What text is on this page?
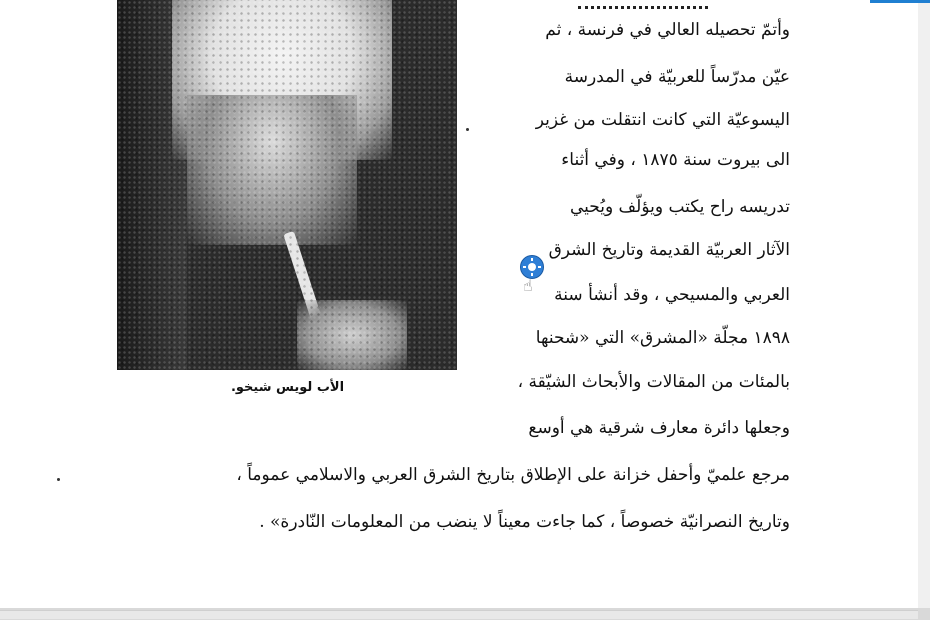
الأب لويس شيخو.
وأتمّ تحصيله العالي في فرنسة ، ثم
عيّن مدرّساً للعربيّة في المدرسة
اليسوعيّة التي كانت انتقلت من غزير
الى بيروت سنة ١٨٧٥ ، وفي أثناء
تدريسه راح يكتب ويؤلّف ويُحيي
الآثار العربيّة القديمة وتاريخ الشرق
العربي والمسيحي ، وقد أنشأ سنة
١٨٩٨ مجلّة «المشرق» التي «شحنها
بالمئات من المقالات والأبحاث الشيّقة ،
وجعلها دائرة معارف شرقية هي أوسع
مرجع علميّ وأحفل خزانة على الإطلاق بتاريخ الشرق العربي والاسلامي عموماً ،
وتاريخ النصرانيّة خصوصاً ، كما جاءت معيناً لا ينضب من المعلومات النّادرة» .
☝
